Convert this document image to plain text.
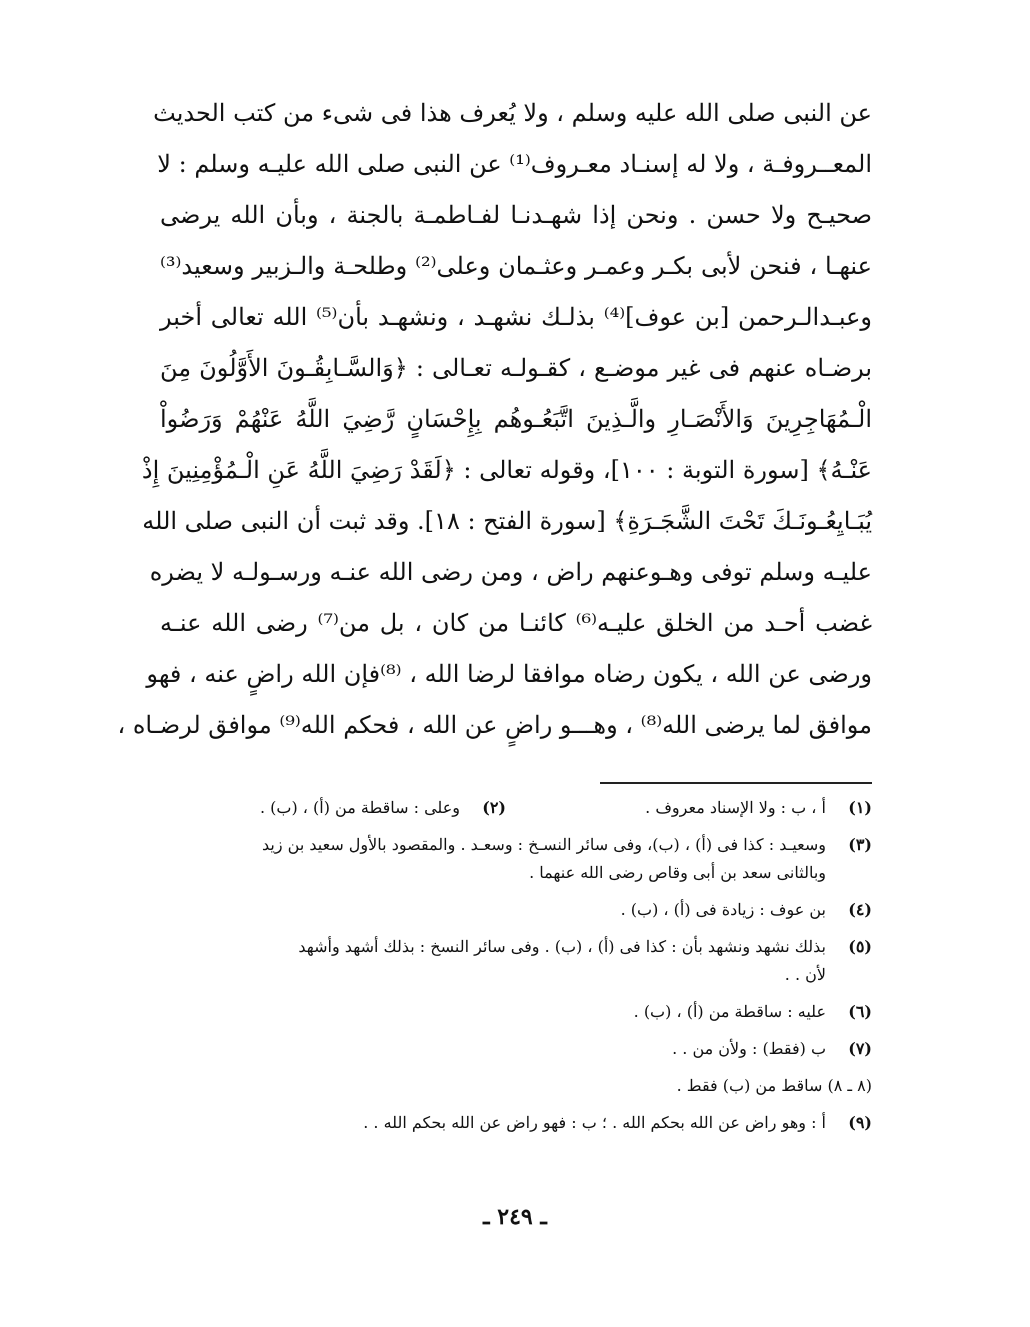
عن النبى صلى الله عليه وسلم ، ولا يُعرف هذا فى شىء من كتب الحديث
المعــروفـة ، ولا له إسنـاد معـروف⁽¹⁾ عن النبى صلى الله عليـه وسلم : لا
صحيـح ولا حسن . ونحن إذا شهـدنـا لفـاطمـة بالجنة ، وبأن الله يرضى
عنهـا ، فنحن لأبى بكـر وعمـر وعثـمان وعلى⁽²⁾ وطلحـة والـزبير وسعيد⁽³⁾
وعبـدالـرحمن [بن عوف]⁽⁴⁾ بذلـك نشهـد ، ونشهـد بأن⁽⁵⁾ الله تعالى أخبر
برضـاه عنهم فى غير موضـع ، كقـولـه تعـالى : ﴿وَالسَّـابِقُـونَ الأَوَّلُونَ مِنَ
الْـمُهَاجِرِينَ وَالأَنْصَـارِ والَّـذِينَ اتَّبَعُـوهُم بِإِحْسَانٍ رَّضِيَ اللَّهُ عَنْهُمْ وَرَضُواْ
عَنْـهُ﴾ [سورة التوبة : ١٠٠]، وقوله تعالى : ﴿لَقَدْ رَضِيَ اللَّهُ عَنِ الْـمُؤْمِنِينَ إِذْ
يُبَـايِعُـونَـكَ تَحْتَ الشَّجَـرَةِ﴾ [سورة الفتح : ١٨]. وقد ثبت أن النبى صلى الله
عليـه وسلم توفى وهـوعنهم راض ، ومن رضى الله عنـه ورسـولـه لا يضره
غضب أحـد من الخلق عليـه⁽⁶⁾ كائنـا من كان ، بل من⁽⁷⁾ رضى الله عنـه
ورضى عن الله ، يكون رضاه موافقا لرضا الله ، ⁽⁸⁾فإن الله راضٍ عنه ، فهو
موافق لما يرضى الله⁽⁸⁾ ، وهـــو راضٍ عن الله ، فحكم الله⁽⁹⁾ موافق لرضـاه ،
(١)
أ ، ب : ولا الإسناد معروف .
(٢)
وعلى : ساقطة من (أ) ، (ب) .
(٣)
وسعيـد : كذا فى (أ) ، (ب)، وفى سائر النسـخ : وسعـد . والمقصود بالأول سعيد بن زيد
وبالثانى سعد بن أبى وقاص رضى الله عنهما .
(٤)
بن عوف : زيادة فى (أ) ، (ب) .
(٥)
بذلك نشهد ونشهد بأن : كذا فى (أ) ، (ب) . وفى سائر النسخ : بذلك أشهد وأشهد
لأن . .
(٦)
عليه : ساقطة من (أ) ، (ب) .
(٧)
ب (فقط) : ولأن من . .
(٨ ـ ٨) ساقط من (ب) فقط .
(٩)
أ : وهو راض عن الله بحكم الله . ؛ ب : فهو راض عن الله بحكم الله . .
ـ ٢٤٩ ـ
